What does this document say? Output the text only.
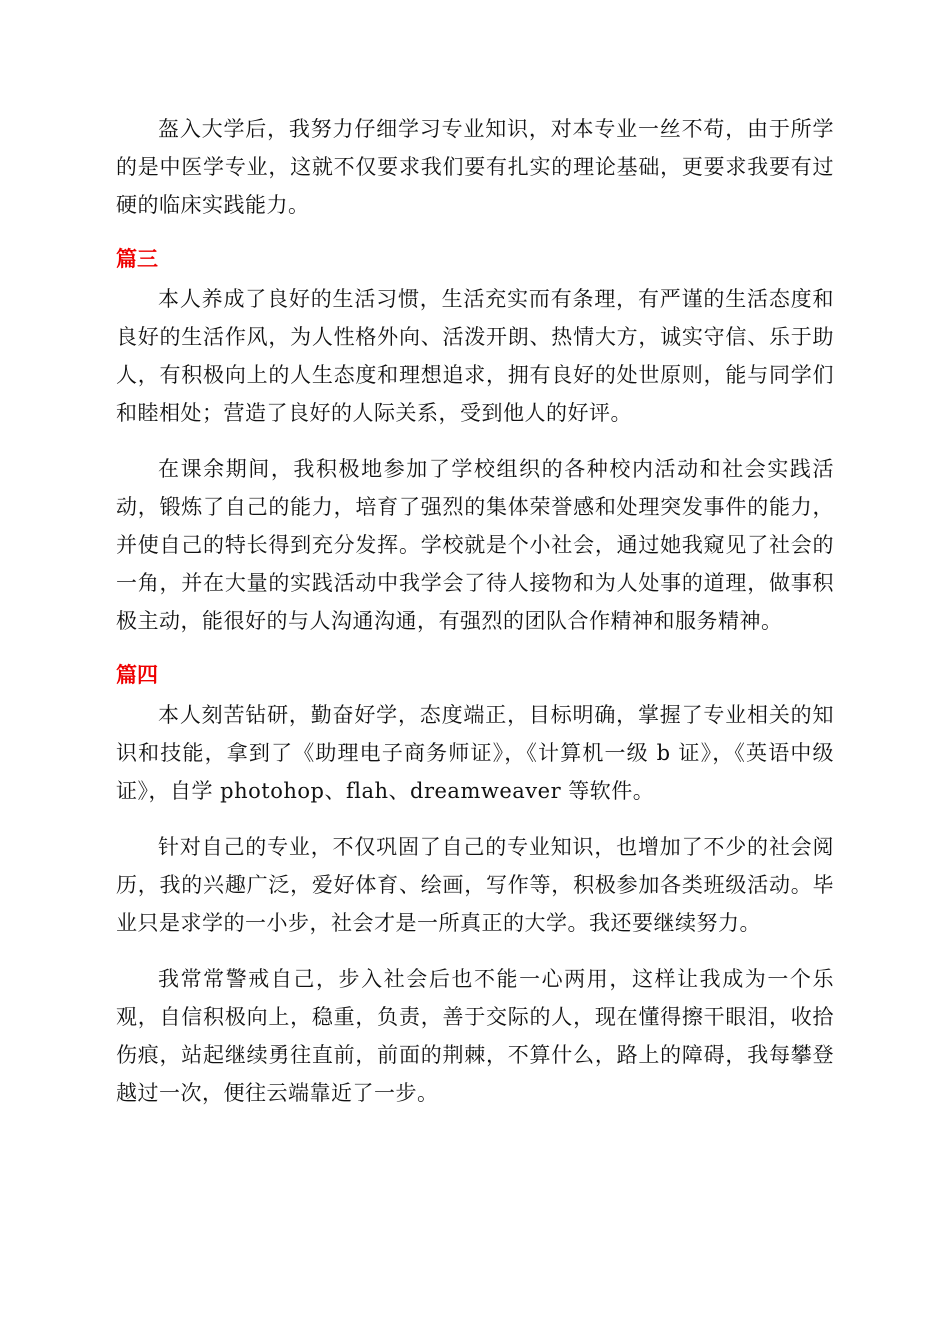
盔入大学后，我努力仔细学习专业知识，对本专业一丝不苟，由于所学的是中医学专业，这就不仅要求我们要有扎实的理论基础，更要求我要有过硬的临床实践能力。

篇三

本人养成了良好的生活习惯，生活充实而有条理，有严谨的生活态度和良好的生活作风，为人性格外向、活泼开朗、热情大方，诚实守信、乐于助人，有积极向上的人生态度和理想追求，拥有良好的处世原则，能与同学们和睦相处；营造了良好的人际关系，受到他人的好评。

在课余期间，我积极地参加了学校组织的各种校内活动和社会实践活动，锻炼了自己的能力，培育了强烈的集体荣誉感和处理突发事件的能力，并使自己的特长得到充分发挥。学校就是个小社会，通过她我窥见了社会的一角，并在大量的实践活动中我学会了待人接物和为人处事的道理，做事积极主动，能很好的与人沟通沟通，有强烈的团队合作精神和服务精神。

篇四

本人刻苦钻研，勤奋好学，态度端正，目标明确，掌握了专业相关的知识和技能，拿到了《助理电子商务师证》，《计算机一级 b 证》，《英语中级证》，自学 photohop、flah、dreamweaver 等软件。

针对自己的专业，不仅巩固了自己的专业知识，也增加了不少的社会阅历，我的兴趣广泛，爱好体育、绘画，写作等，积极参加各类班级活动。毕业只是求学的一小步，社会才是一所真正的大学。我还要继续努力。

我常常警戒自己，步入社会后也不能一心两用，这样让我成为一个乐观，自信积极向上，稳重，负责，善于交际的人，现在懂得擦干眼泪，收拾伤痕，站起继续勇往直前，前面的荆棘，不算什么，路上的障碍，我每攀登越过一次，便往云端靠近了一步。
